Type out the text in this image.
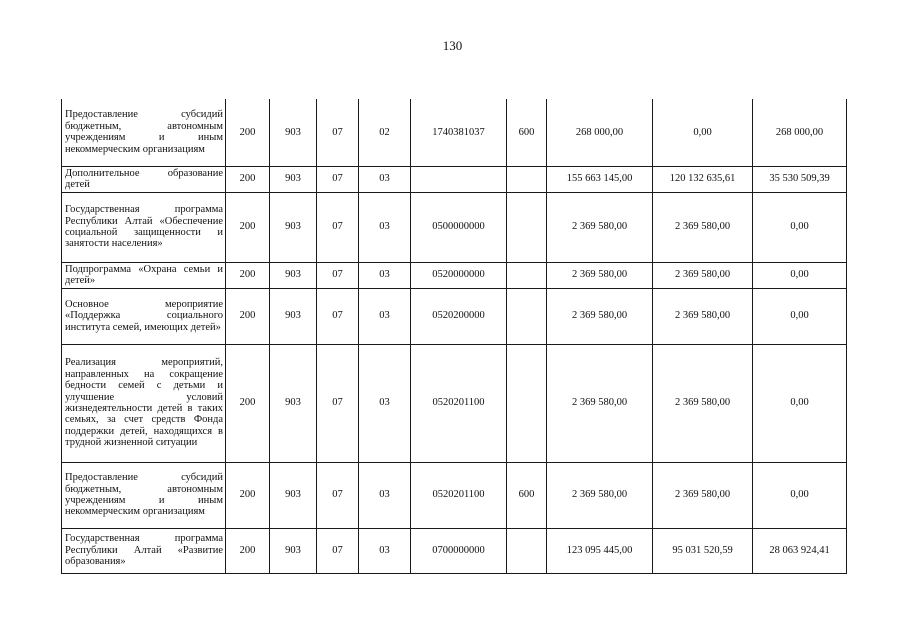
130
Предоставление субсидий бюджетным, автономным учреждениям и иным некоммерческим организациям	200	903	07	02	1740381037	600	268 000,00	0,00	268 000,00
Дополнительное образование детей	200	903	07	03			155 663 145,00	120 132 635,61	35 530 509,39
Государственная программа Республики Алтай «Обеспечение социальной защищенности и занятости населения»	200	903	07	03	0500000000		2 369 580,00	2 369 580,00	0,00
Подпрограмма «Охрана семьи и детей»	200	903	07	03	0520000000		2 369 580,00	2 369 580,00	0,00
Основное мероприятие «Поддержка социального института семей, имеющих детей»	200	903	07	03	0520200000		2 369 580,00	2 369 580,00	0,00
Реализация мероприятий, направленных на сокращение бедности семей с детьми и улучшение условий жизнедеятельности детей в таких семьях, за счет средств Фонда поддержки детей, находящихся в трудной жизненной ситуации	200	903	07	03	0520201100		2 369 580,00	2 369 580,00	0,00
Предоставление субсидий бюджетным, автономным учреждениям и иным некоммерческим организациям	200	903	07	03	0520201100	600	2 369 580,00	2 369 580,00	0,00
Государственная программа Республики Алтай «Развитие образования»	200	903	07	03	0700000000		123 095 445,00	95 031 520,59	28 063 924,41
